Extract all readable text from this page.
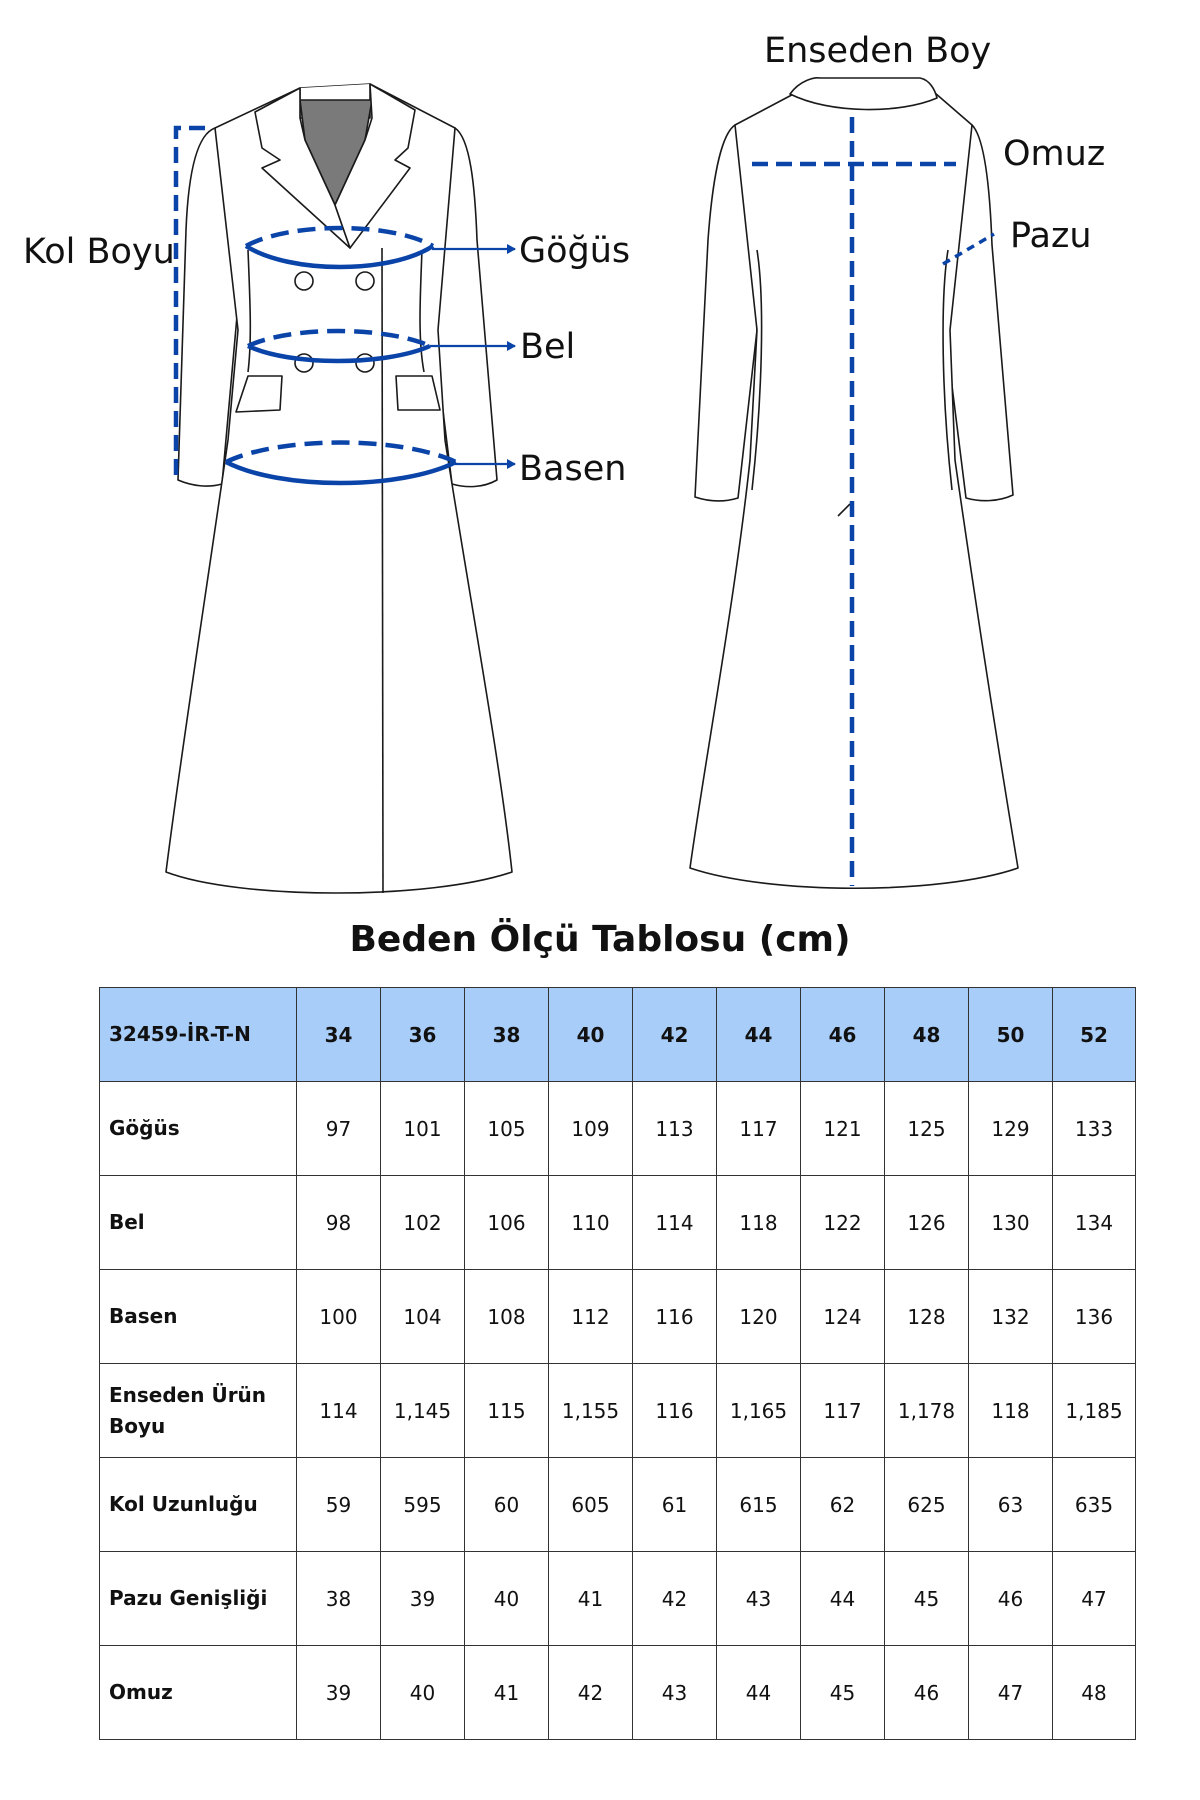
Kol Boyu	Göğüs
Bel
Basen
Enseden Boy
Omuz
Pazu
Beden Ölçü Tablosu (cm)
32459-İR-T-N	34	36	38	40	42	44	46	48	50	52
Göğüs	97	101	105	109	113	117	121	125	129	133
Bel	98	102	106	110	114	118	122	126	130	134
Basen	100	104	108	112	116	120	124	128	132	136
Enseden Ürün Boyu	114	1,145	115	1,155	116	1,165	117	1,178	118	1,185
Kol Uzunluğu	59	595	60	605	61	615	62	625	63	635
Pazu Genişliği	38	39	40	41	42	43	44	45	46	47
Omuz	39	40	41	42	43	44	45	46	47	48
